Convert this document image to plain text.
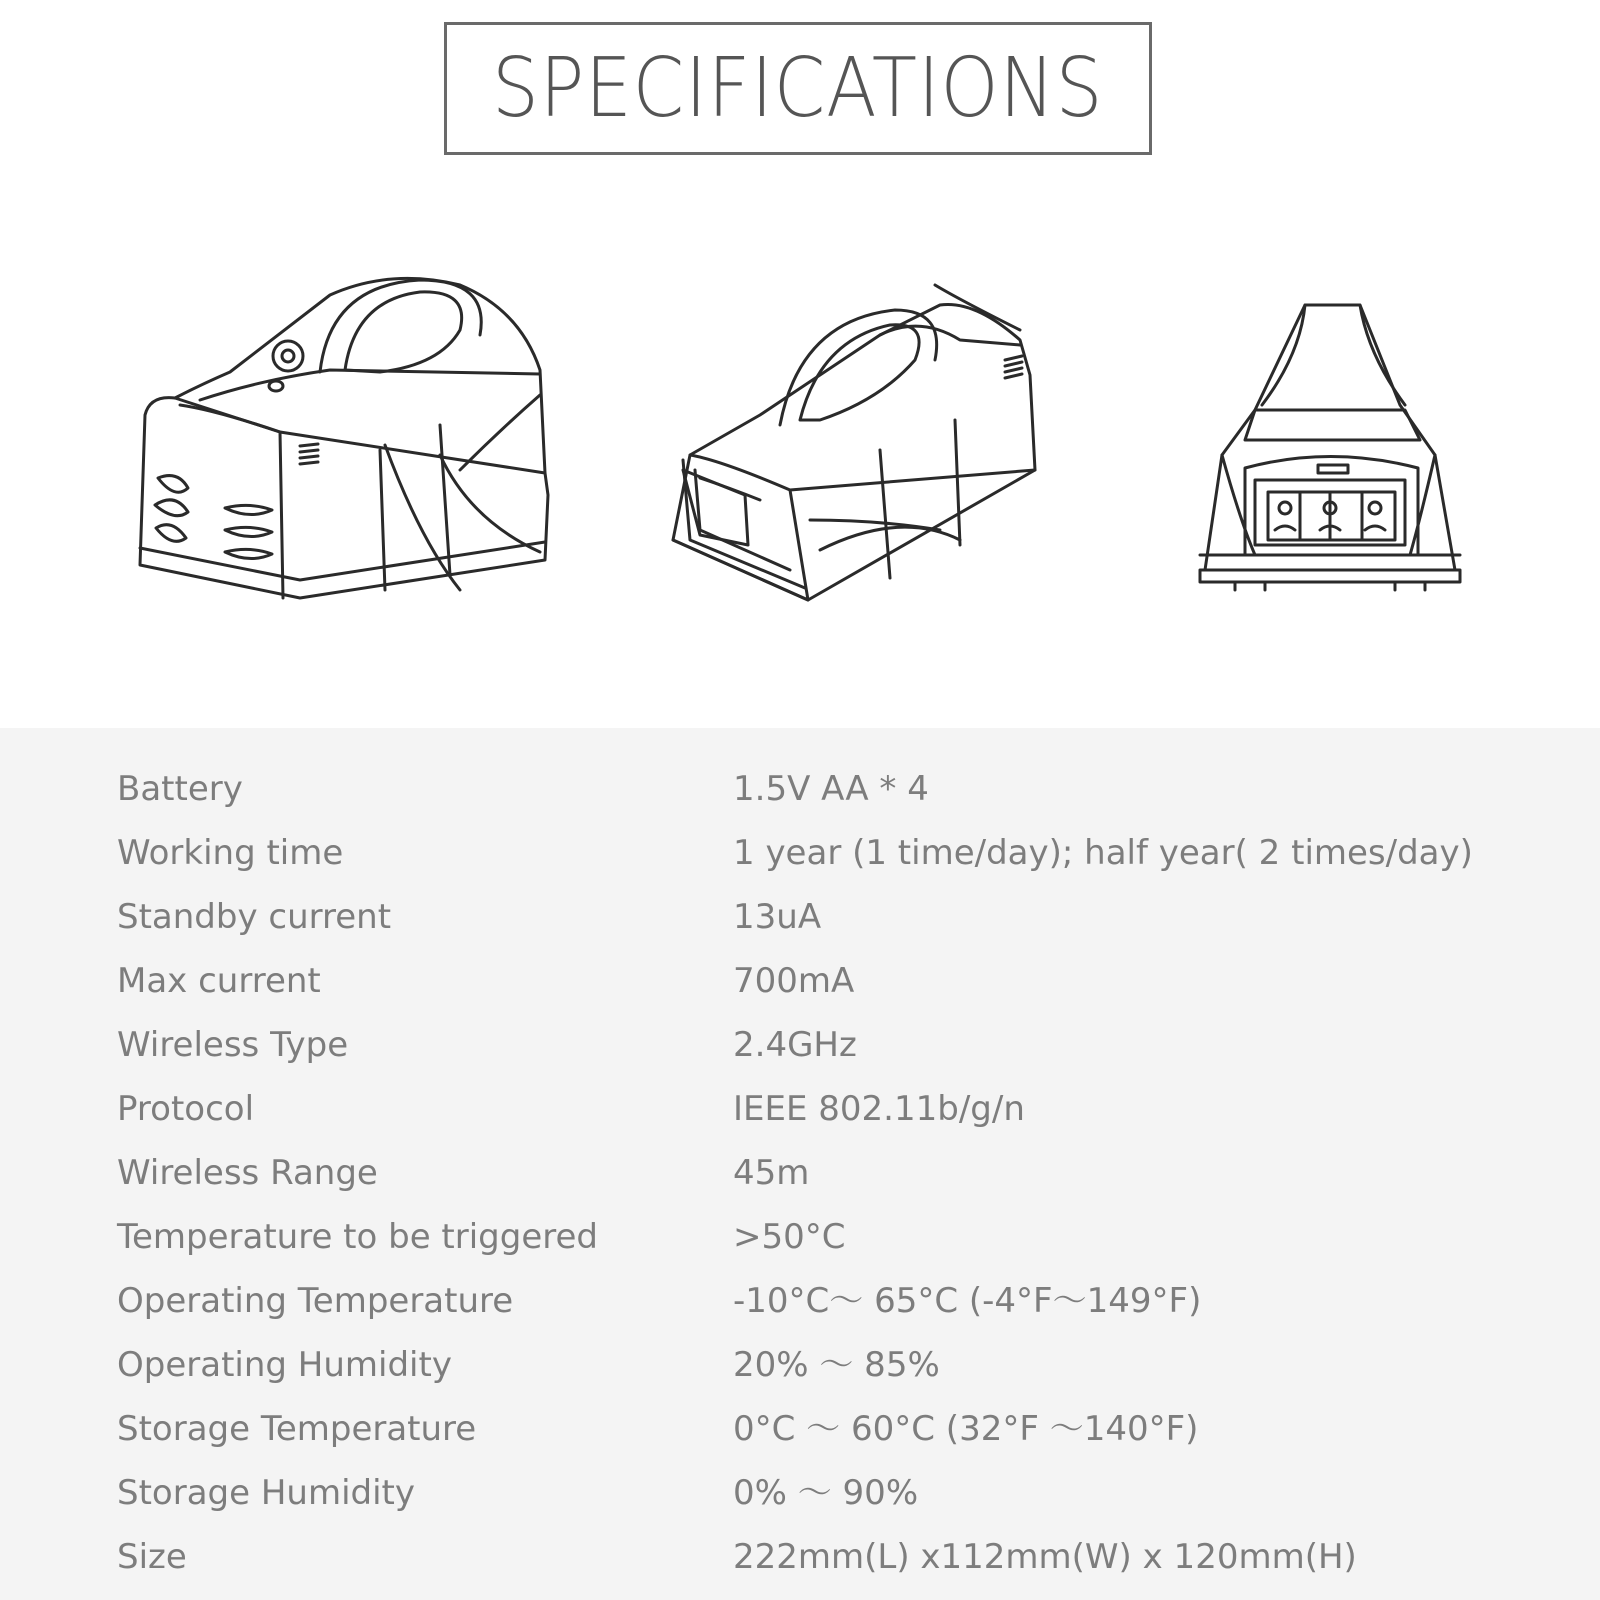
SPECIFICATIONS
Battery	1.5V AA * 4
Working time	1 year (1 time/day); half year( 2 times/day)
Standby current	13uA
Max current	700mA
Wireless Type	2.4GHz
Protocol	IEEE 802.11b/g/n
Wireless Range	45m
Temperature to be triggered	>50°C
Operating Temperature	-10°C～ 65°C (-4°F～149°F)
Operating Humidity	20% ～ 85%
Storage Temperature	0°C ～ 60°C (32°F ～140°F)
Storage Humidity	0% ～ 90%
Size	222mm(L) x112mm(W) x 120mm(H)
